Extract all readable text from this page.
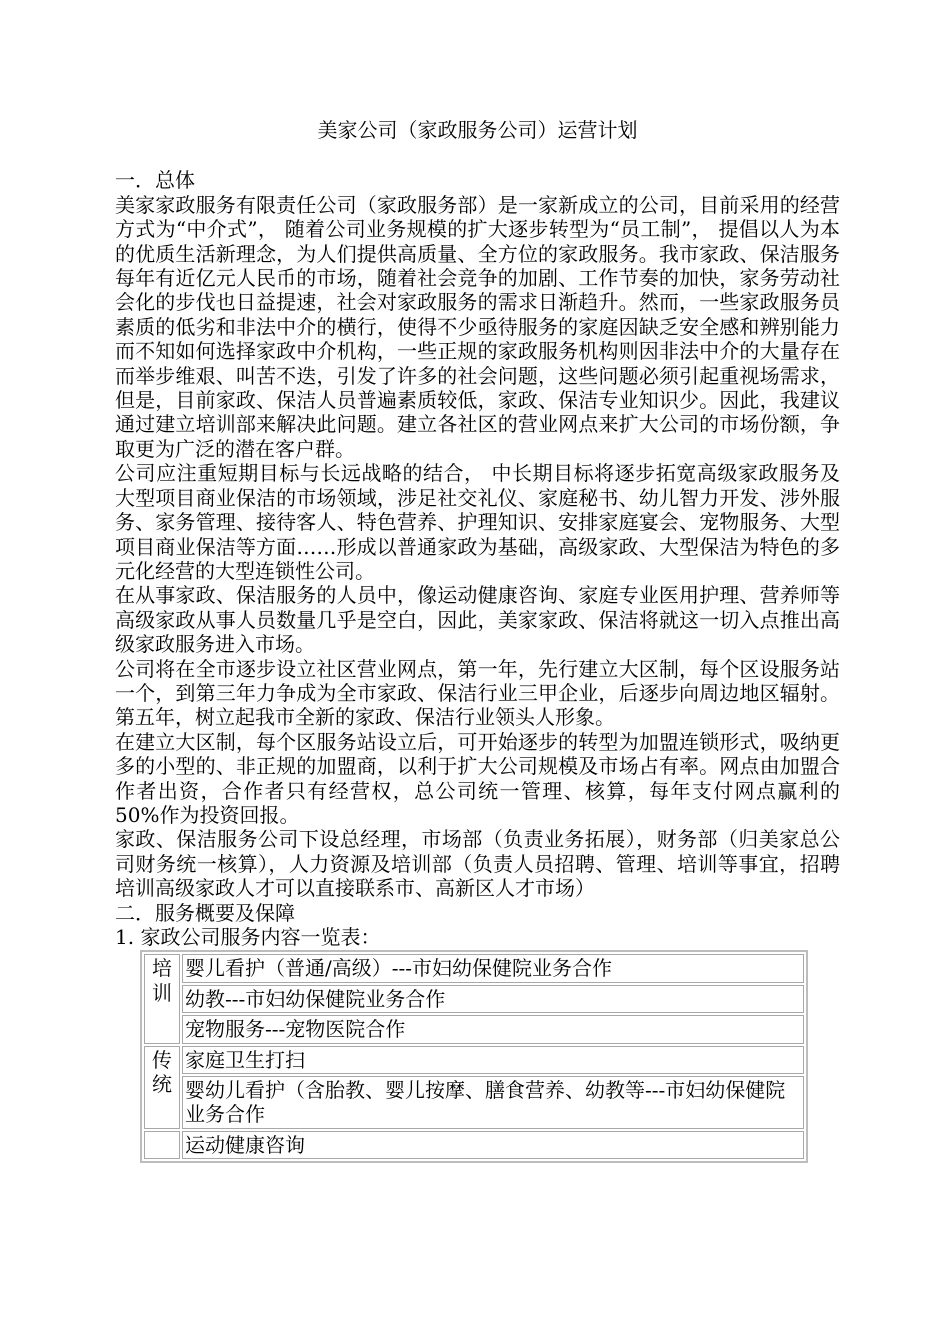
美家公司（家政服务公司）运营计划
一．总体

美家家政服务有限责任公司（家政服务部）是一家新成立的公司，目前采用的经营方式为“中介式”， 随着公司业务规模的扩大逐步转型为“员工制”， 提倡以人为本的优质生活新理念，为人们提供高质量、全方位的家政服务。我市家政、保洁服务每年有近亿元人民币的市场，随着社会竞争的加剧、工作节奏的加快，家务劳动社会化的步伐也日益提速，社会对家政服务的需求日渐趋升。然而，一些家政服务员素质的低劣和非法中介的横行，使得不少亟待服务的家庭因缺乏安全感和辨别能力而不知如何选择家政中介机构，一些正规的家政服务机构则因非法中介的大量存在而举步维艰、叫苦不迭，引发了许多的社会问题，这些问题必须引起重视场需求，但是，目前家政、保洁人员普遍素质较低，家政、保洁专业知识少。因此，我建议通过建立培训部来解决此问题。建立各社区的营业网点来扩大公司的市场份额，争取更为广泛的潜在客户群。

公司应注重短期目标与长远战略的结合， 中长期目标将逐步拓宽高级家政服务及大型项目商业保洁的市场领域，涉足社交礼仪、家庭秘书、幼儿智力开发、涉外服务、家务管理、接待客人、特色营养、护理知识、安排家庭宴会、宠物服务、大型项目商业保洁等方面……形成以普通家政为基础，高级家政、大型保洁为特色的多元化经营的大型连锁性公司。

在从事家政、保洁服务的人员中，像运动健康咨询、家庭专业医用护理、营养师等高级家政从事人员数量几乎是空白，因此，美家家政、保洁将就这一切入点推出高级家政服务进入市场。

公司将在全市逐步设立社区营业网点，第一年，先行建立大区制，每个区设服务站一个，到第三年力争成为全市家政、保洁行业三甲企业，后逐步向周边地区辐射。第五年，树立起我市全新的家政、保洁行业领头人形象。

在建立大区制，每个区服务站设立后，可开始逐步的转型为加盟连锁形式，吸纳更多的小型的、非正规的加盟商，以利于扩大公司规模及市场占有率。网点由加盟合作者出资，合作者只有经营权，总公司统一管理、核算，每年支付网点赢利的 50%作为投资回报。

家政、保洁服务公司下设总经理，市场部（负责业务拓展），财务部（归美家总公司财务统一核算），人力资源及培训部（负责人员招聘、管理、培训等事宜，招聘培训高级家政人才可以直接联系市、高新区人才市场）

二．服务概要及保障
1. 家政公司服务内容一览表：
培训	婴儿看护（普通/高级）---市妇幼保健院业务合作
	幼教---市妇幼保健院业务合作
	宠物服务---宠物医院合作

传统	家庭卫生打扫
	婴幼儿看护（含胎教、婴儿按摩、膳食营养、幼教等---市妇幼保健院业务合作
	运动健康咨询
